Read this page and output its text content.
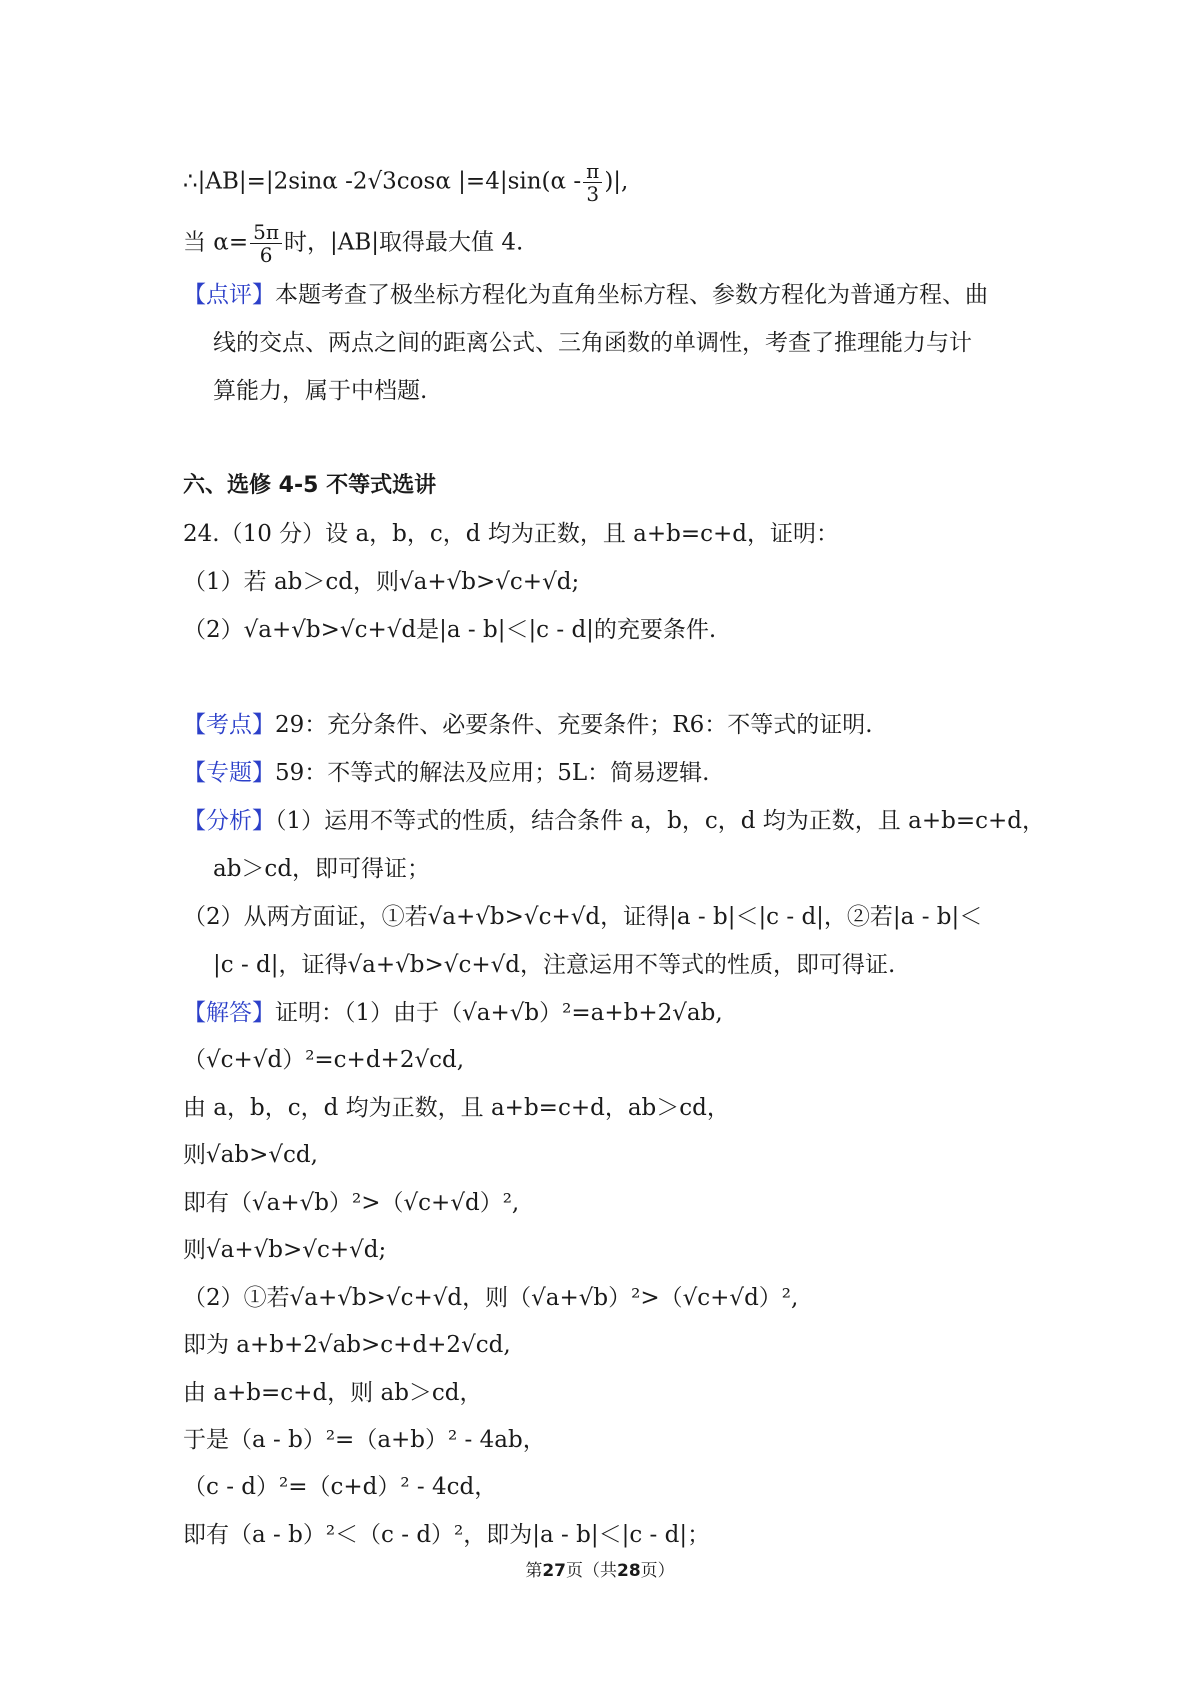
∴|AB|=|2sinα -2√3cosα $|=4|\sin(\alpha - \frac{\pi}{3}$ )|,
当 $\alpha= \frac{5\pi}{6}$ 时，|AB|取得最大值 4.
【点评】本题考查了极坐标方程化为直角坐标方程、参数方程化为普通方程、曲
线的交点、两点之间的距离公式、三角函数的单调性，考查了推理能力与计
算能力，属于中档题.
六、选修 4-5 不等式选讲
24.（10 分）设 a，b，c，d 均为正数，且 a+b=c+d，证明：
（1）若 ab＞cd，则√a+√b>√c+√d;
（2）√a+√b>√c+√d是|a - b|＜|c - d|的充要条件.
【考点】29：充分条件、必要条件、充要条件；R6：不等式的证明.
【专题】59：不等式的解法及应用；5L：简易逻辑.
【分析】（1）运用不等式的性质，结合条件 a，b，c，d 均为正数，且 a+b=c+d，
ab＞cd，即可得证；
（2）从两方面证，①若√a+√b>√c+√d，证得|a - b|＜|c - d|，②若|a - b|＜
|c - d|，证得√a+√b>√c+√d，注意运用不等式的性质，即可得证.
【解答】证明：（1）由于（√a+√b）²=a+b+2√ab,
（√c+√d）²=c+d+2√cd,
由 a，b，c，d 均为正数，且 a+b=c+d，ab＞cd，
则√ab>√cd,
即有（√a+√b）²>（√c+√d）²,
则√a+√b>√c+√d;
（2）①若√a+√b>√c+√d，则（√a+√b）²>（√c+√d）²,
即为 a+b+2√ab>c+d+2√cd,
由 a+b=c+d，则 ab＞cd，
于是（a - b）²=（a+b）² - 4ab，
（c - d）²=（c+d）² - 4cd，
即有（a - b）²＜（c - d）²，即为|a - b|＜|c - d|；
第27页（共28页）
